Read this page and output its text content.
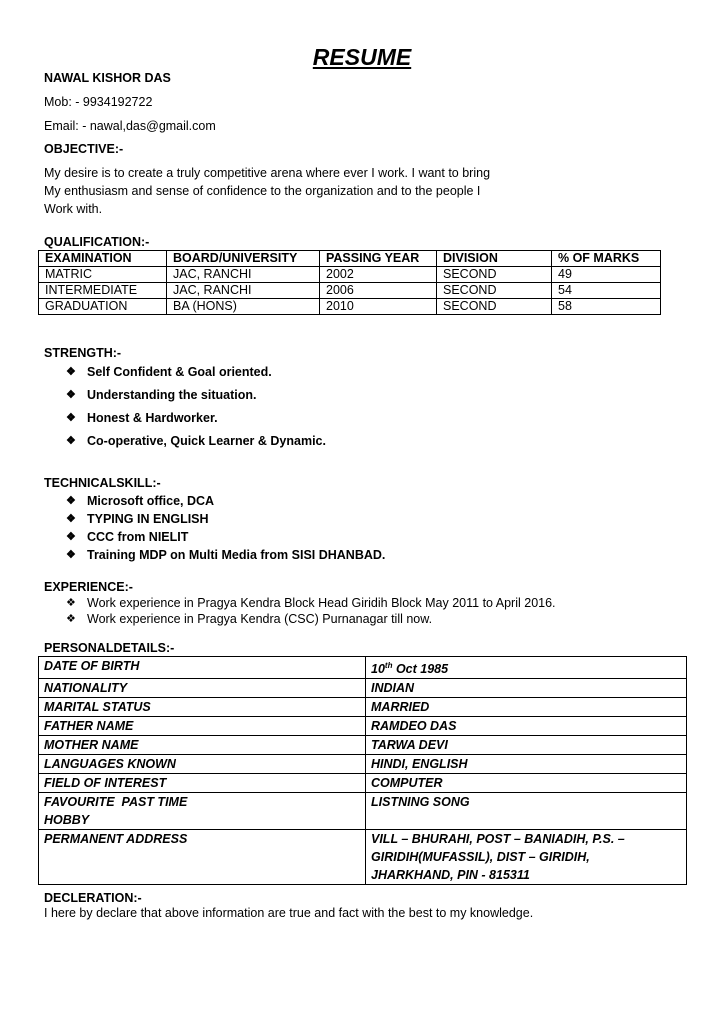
RESUME
NAWAL KISHOR DAS
Mob: - 9934192722
Email: - nawal,das@gmail.com
OBJECTIVE:-
My desire is to create a truly competitive arena where ever I work. I want to bring
My enthusiasm and sense of confidence to the organization and to the people I
Work with.
QUALIFICATION:-
EXAMINATION	BOARD/UNIVERSITY	PASSING YEAR	DIVISION	% OF MARKS
MATRIC	JAC, RANCHI	2002	SECOND	49
INTERMEDIATE	JAC, RANCHI	2006	SECOND	54
GRADUATION	BA (HONS)	2010	SECOND	58
STRENGTH:-
❖ Self Confident & Goal oriented.
❖ Understanding the situation.
❖ Honest & Hardworker.
❖ Co-operative, Quick Learner & Dynamic.
TECHNICALSKILL:-
❖ Microsoft office, DCA
❖ TYPING IN ENGLISH
❖ CCC from NIELIT
❖ Training MDP on Multi Media from SISI DHANBAD.
EXPERIENCE:-
❖ Work experience in Pragya Kendra Block Head Giridih Block May 2011 to April 2016.
❖ Work experience in Pragya Kendra (CSC) Purnanagar till now.
PERSONALDETAILS:-
DATE OF BIRTH	10th Oct 1985
NATIONALITY	INDIAN
MARITAL STATUS	MARRIED
FATHER NAME	RAMDEO DAS
MOTHER NAME	TARWA DEVI
LANGUAGES KNOWN	HINDI, ENGLISH
FIELD OF INTEREST	COMPUTER

FAVOURITE  PAST TIME
HOBBY	LISTNING SONG
PERMANENT ADDRESS	VILL – BHURAHI, POST – BANIADIH, P.S. –
GIRIDIH(MUFASSIL), DIST – GIRIDIH,
JHARKHAND, PIN - 815311
DECLERATION:-
I here by declare that above information are true and fact with the best to my knowledge.
